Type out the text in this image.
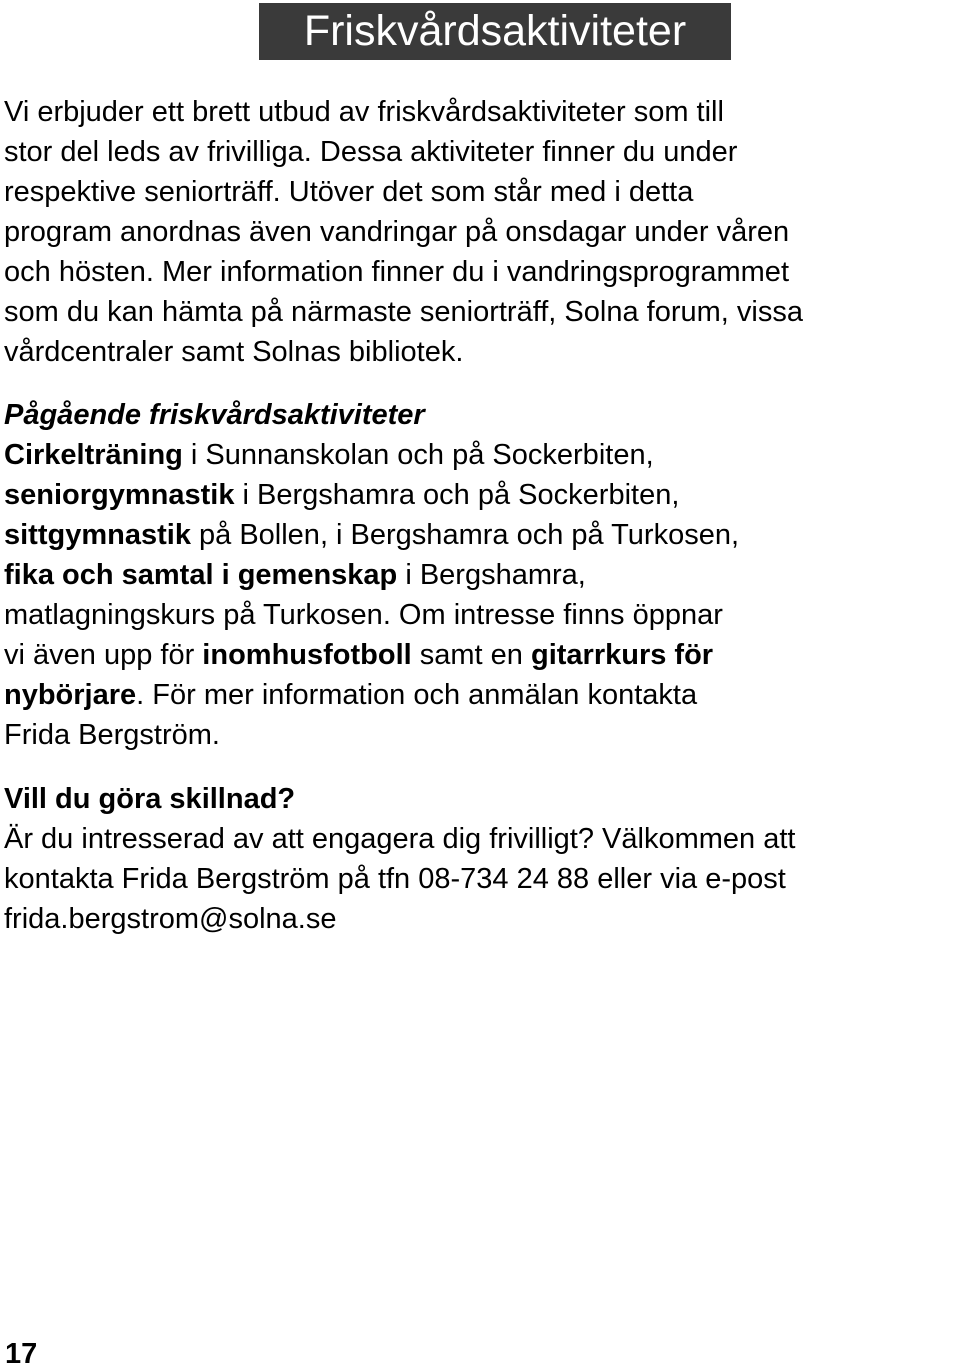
Friskvårdsaktiviteter

Vi erbjuder ett brett utbud av friskvårdsaktiviteter som till
stor del leds av frivilliga. Dessa aktiviteter finner du under
respektive seniorträff. Utöver det som står med i detta
program anordnas även vandringar på onsdagar under våren
och hösten. Mer information finner du i vandringsprogrammet
som du kan hämta på närmaste seniorträff, Solna forum, vissa
vårdcentraler samt Solnas bibliotek.

Pågående friskvårdsaktiviteter
Cirkelträning i Sunnanskolan och på Sockerbiten,
seniorgymnastik i Bergshamra och på Sockerbiten,
sittgymnastik på Bollen, i Bergshamra och på Turkosen,
fika och samtal i gemenskap i Bergshamra,
matlagningskurs på Turkosen. Om intresse finns öppnar
vi även upp för inomhusfotboll samt en gitarrkurs för
nybörjare. För mer information och anmälan kontakta
Frida Bergström.
Vill du göra skillnad?
Är du intresserad av att engagera dig frivilligt? Välkommen att
kontakta Frida Bergström på tfn 08-734 24 88 eller via e-post
frida.bergstrom@solna.se
17
